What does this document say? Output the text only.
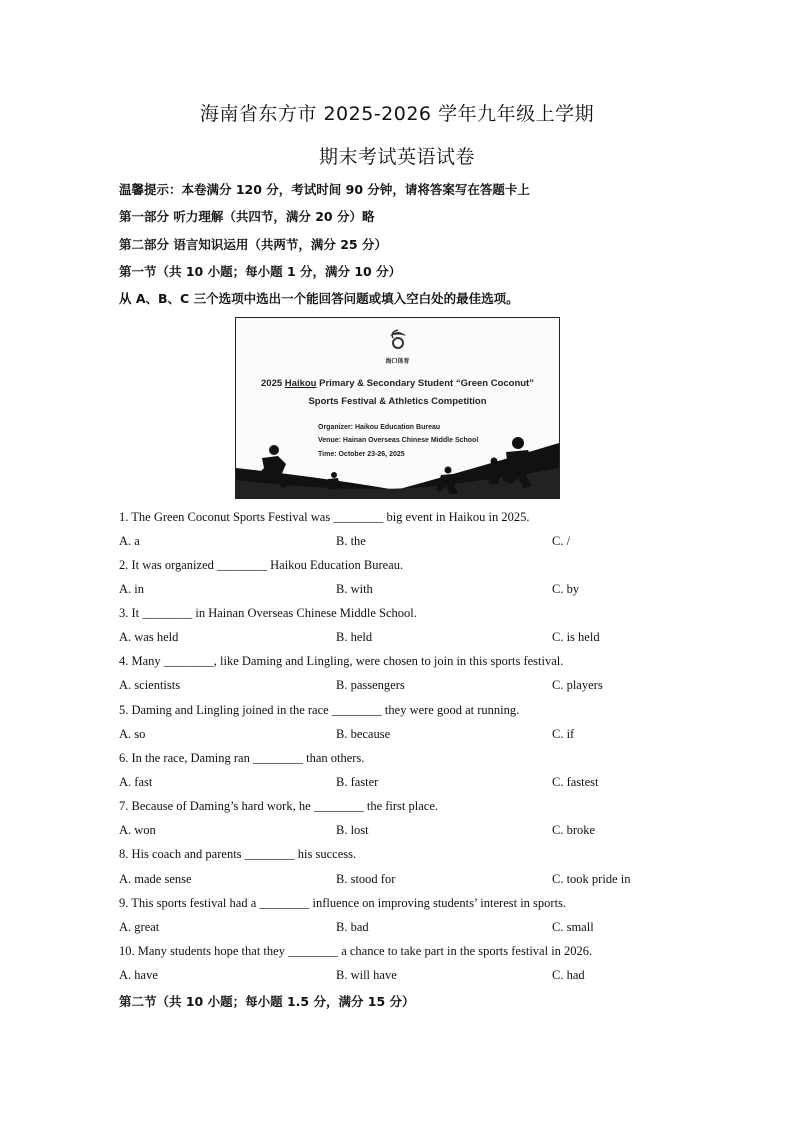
海南省东方市 2025-2026 学年九年级上学期
期末考试英语试卷
温馨提示：本卷满分 120 分，考试时间 90 分钟，请将答案写在答题卡上
第一部分 听力理解（共四节，满分 20 分）略
第二部分 语言知识运用（共两节，满分 25 分）
第一节（共 10 小题；每小题 1 分，满分 10 分）
从 A、B、C 三个选项中选出一个能回答问题或填入空白处的最佳选项。
海口体育
2025 Haikou Primary & Secondary Student “Green Coconut”
Sports Festival & Athletics Competition
Organizer: Haikou Education Bureau
Venue: Hainan Overseas Chinese Middle School
Time: October 23-26, 2025
1. The Green Coconut Sports Festival was ________ big event in Haikou in 2025.
A. a	B. the	C. /
2. It was organized ________ Haikou Education Bureau.
A. in	B. with	C. by
3. It ________ in Hainan Overseas Chinese Middle School.
A. was held	B. held	C. is held
4. Many ________, like Daming and Lingling, were chosen to join in this sports festival.
A. scientists	B. passengers	C. players
5. Daming and Lingling joined in the race ________ they were good at running.
A. so	B. because	C. if
6. In the race, Daming ran ________ than others.
A. fast	B. faster	C. fastest
7. Because of Daming’s hard work, he ________ the first place.
A. won	B. lost	C. broke
8. His coach and parents ________ his success.
A. made sense	B. stood for	C. took pride in
9. This sports festival had a ________ influence on improving students’ interest in sports.
A. great	B. bad	C. small
10. Many students hope that they ________ a chance to take part in the sports festival in 2026.
A. have	B. will have	C. had
第二节（共 10 小题；每小题 1.5 分，满分 15 分）
